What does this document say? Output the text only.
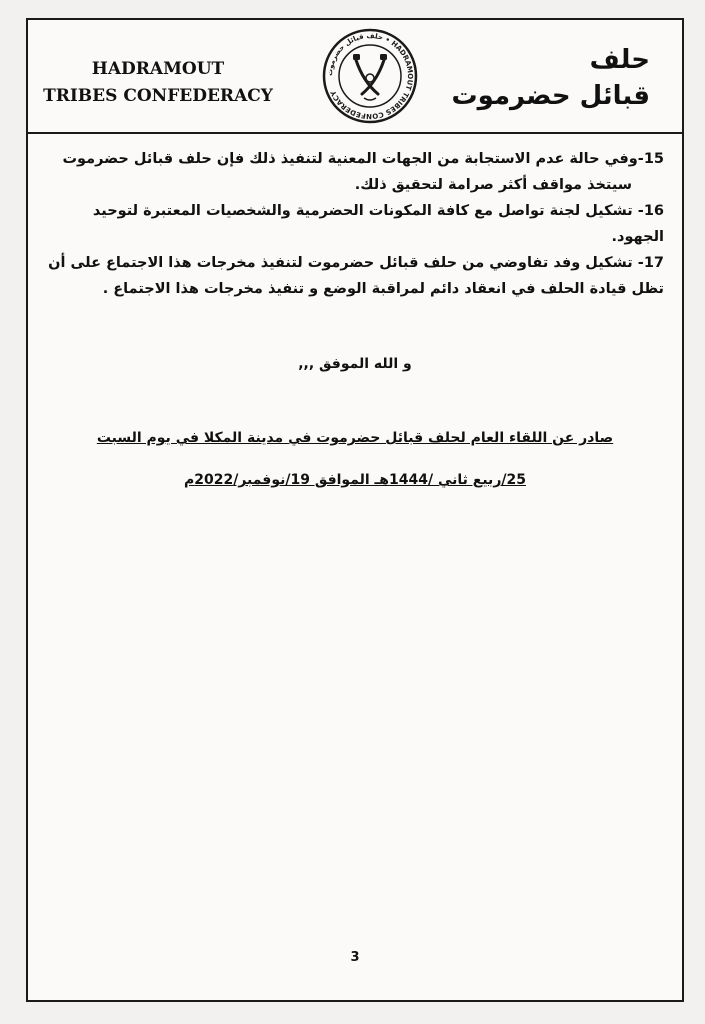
HADRAMOUT
TRIBES CONFEDERACY
حلف قبائل حضرموت • HADRAMOUT TRIBES CONFEDERACY
حلف
قبائل حضرموت

15-وفي حالة عدم الاستجابة من الجهات المعنية لتنفيذ ذلك فإن حلف قبائل حضرموت

سيتخذ مواقف أكثر صرامة لتحقيق ذلك.

16- تشكيل لجنة تواصل مع كافة المكونات الحضرمية والشخصيات المعتبرة لتوحيد الجهود.

17- تشكيل وفد تفاوضي من حلف قبائل حضرموت لتنفيذ مخرجات هذا الاجتماع على أن

تظل قيادة الحلف في انعقاد دائم لمراقبة الوضع و تنفيذ مخرجات هذا الاجتماع .

و الله الموفق ,,,
صادر عن اللقاء العام لحلف قبائل حضرموت في مدينة المكلا في يوم السبت
25/ربيع ثاني /1444هـ الموافق 19/نوفمبر/2022م
3
